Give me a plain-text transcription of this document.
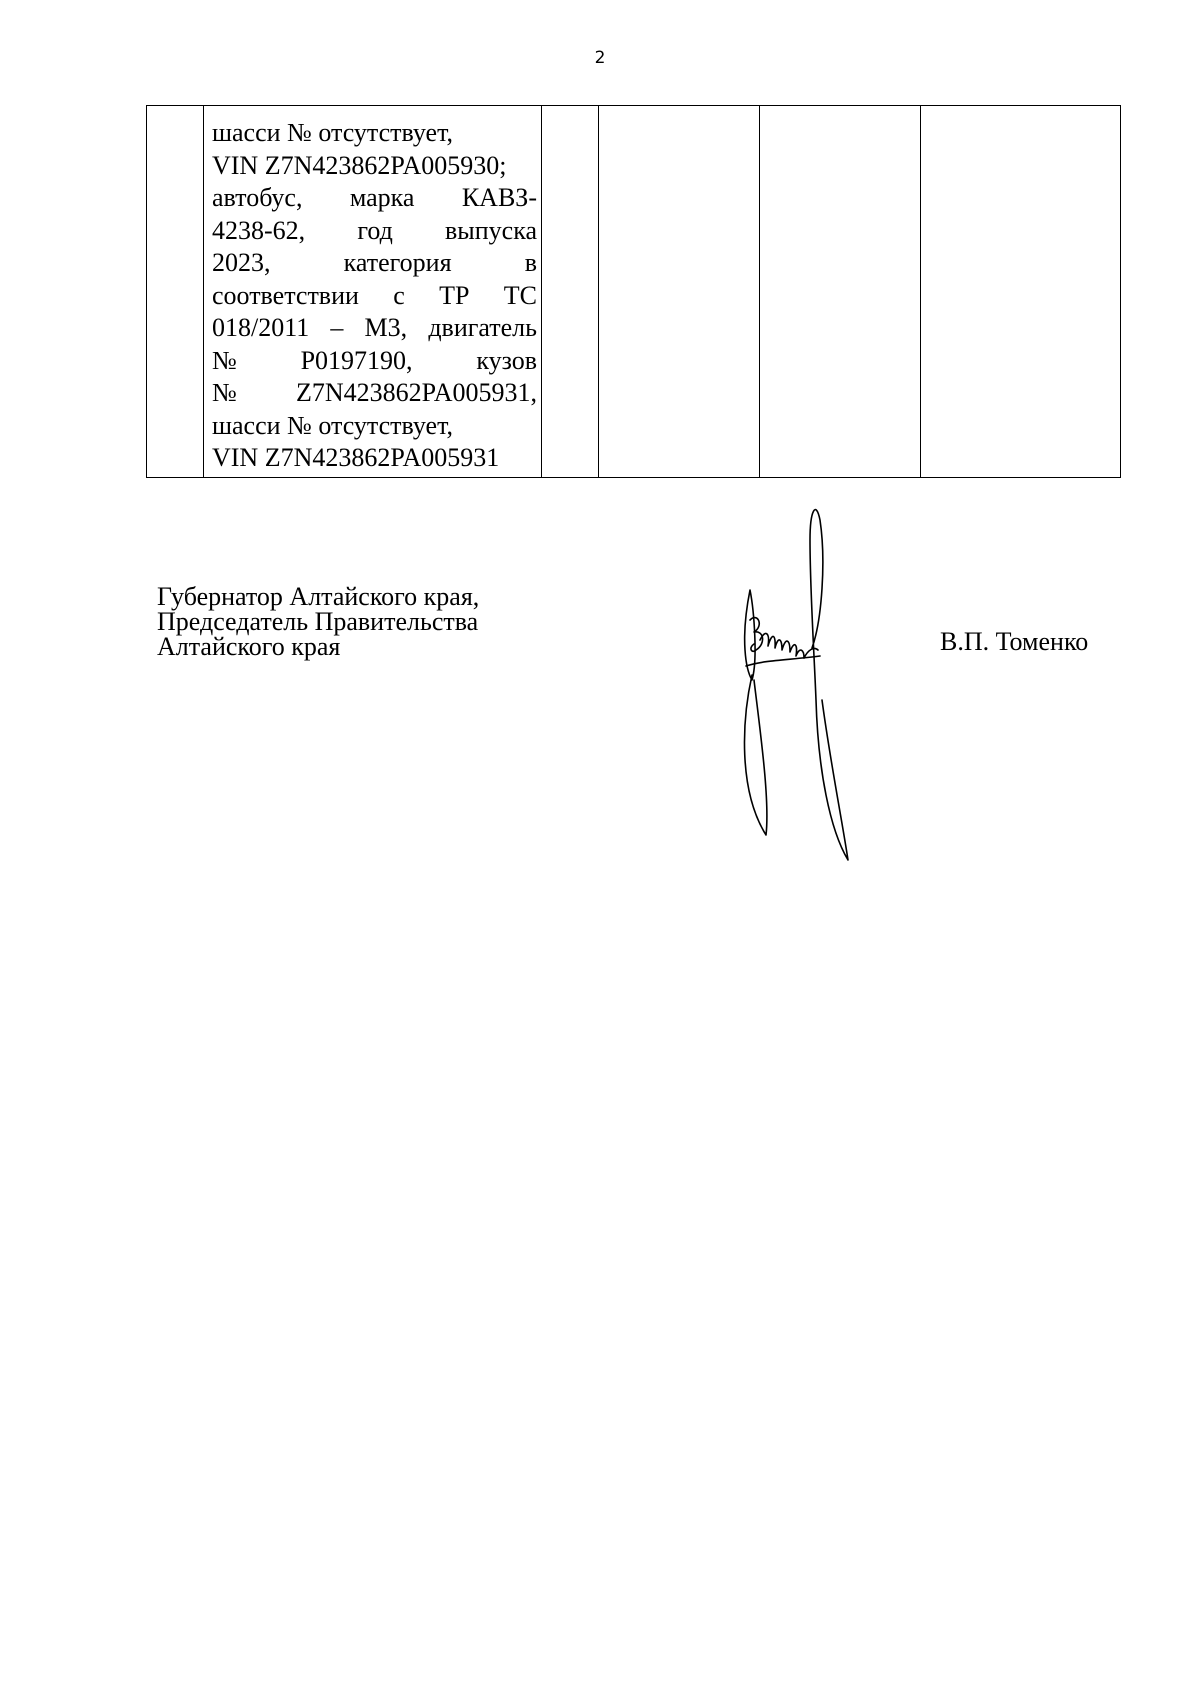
2

шасси № отсутствует,
VIN Z7N423862PA005930;
автобус, марка КАВЗ-
4238-62, год выпуска
2023,	категория	в
соответствии с ТР ТС
018/2011 – М3, двигатель
№ P0197190, кузов
№ Z7N423862PA005931,
шасси № отсутствует,
VIN Z7N423862PA005931

Губернатор Алтайского края,
Председатель Правительства
Алтайского края	В.П. Томенко
